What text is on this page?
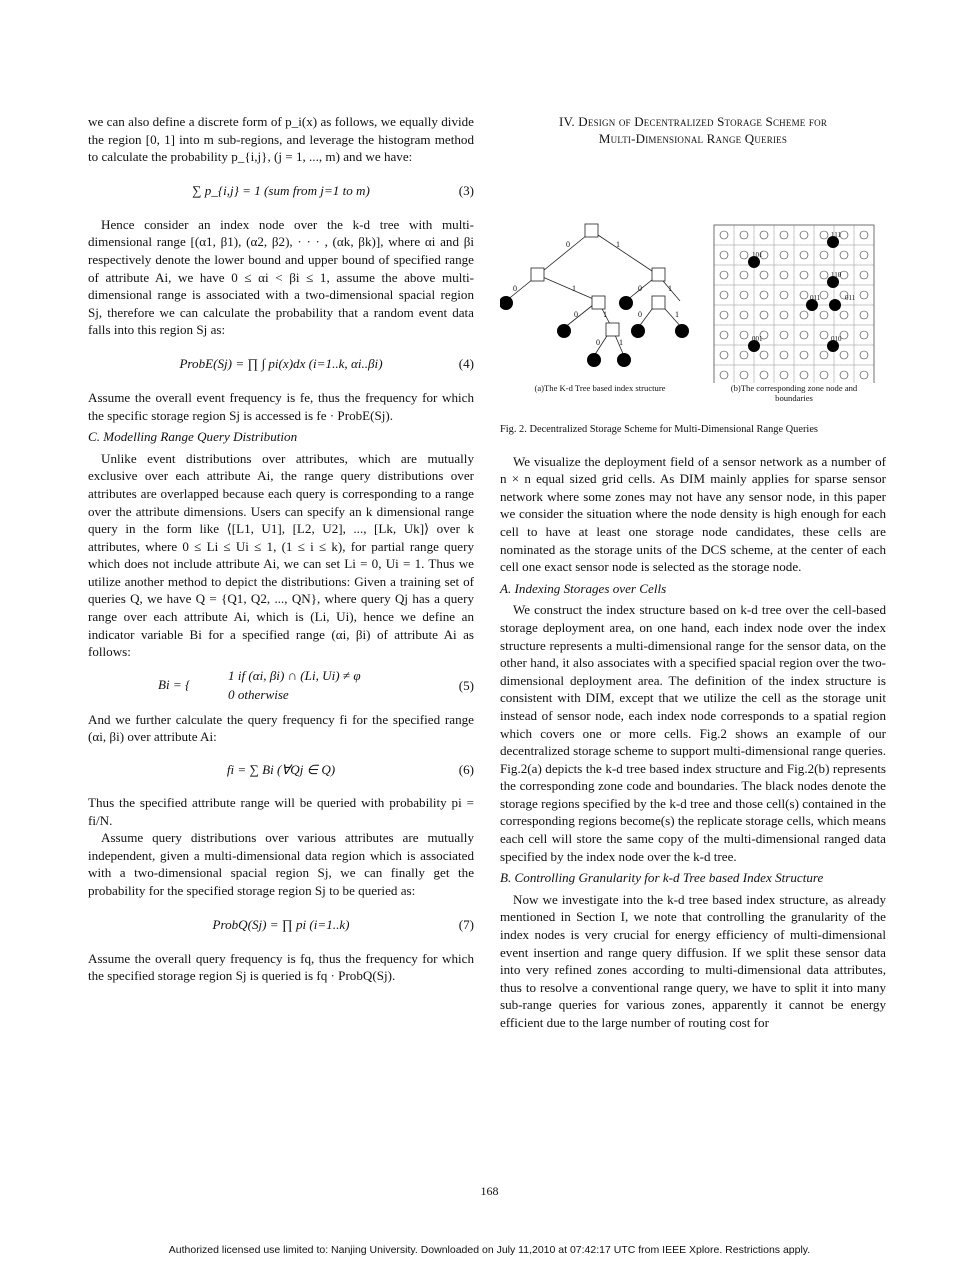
we can also define a discrete form of p_i(x) as follows, we equally divide the region [0, 1] into m sub-regions, and leverage the histogram method to calculate the probability p_{i,j}, (j = 1, ..., m) and we have:

∑ p_{i,j} = 1 (sum from j=1 to m)	(3)

Hence consider an index node over the k-d tree with multi-dimensional range [(α1, β1), (α2, β2), · · · , (αk, βk)], where αi and βi respectively denote the lower bound and upper bound of specified range of attribute Ai, we have 0 ≤ αi < βi ≤ 1, assume the above multi-dimensional range is associated with a two-dimensional spacial region Sj, therefore we can calculate the probability that a random event data falls into this region Sj as:

ProbE(Sj) = ∏ ∫ pi(x)dx (i=1..k, αi..βi)	(4)

Assume the overall event frequency is fe, thus the frequency for which the specific storage region Sj is accessed is fe · ProbE(Sj).

C. Modelling Range Query Distribution

Unlike event distributions over attributes, which are mutually exclusive over each attribute Ai, the range query distributions over attributes are overlapped because each query is corresponding to a range over the attribute dimensions. Users can specify an k dimensional range query in the form like ⟨[L1, U1], [L2, U2], ..., [Lk, Uk]⟩ over k attributes, where 0 ≤ Li ≤ Ui ≤ 1, (1 ≤ i ≤ k), for partial range query which does not include attribute Ai, we can set Li = 0, Ui = 1. Thus we utilize another method to depict the distributions: Given a training set of queries Q, we have Q = {Q1, Q2, ..., QN}, where query Qj has a query range over each attribute Ai, which is (Li, Ui), hence we define an indicator variable Bi for a specified range (αi, βi) of attribute Ai as follows:

Bi = {
1 if (αi, βi) ∩ (Li, Ui) ≠ φ
0 otherwise
(5)

And we further calculate the query frequency fi for the specified range (αi, βi) over attribute Ai:

fi = ∑ Bi (∀Qj ∈ Q)	(6)

Thus the specified attribute range will be queried with probability pi = fi/N.

Assume query distributions over various attributes are mutually independent, given a multi-dimensional data region which is associated with a two-dimensional spacial region Sj, we can finally get the probability for the specified storage region Sj to be queried as:

ProbQ(Sj) = ∏ pi (i=1..k)	(7)

Assume the overall query frequency is fq, thus the frequency for which the specified storage region Sj is queried is fq · ProbQ(Sj).

IV. Design of Decentralized Storage Scheme for
Multi-Dimensional Range Queries
0	1
0	1	0	1
0	1	0	1
0 1
111
101
110
011	011
001	010
(a)The K-d Tree based index structure	(b)The corresponding zone node and boundaries
Fig. 2. Decentralized Storage Scheme for Multi-Dimensional Range Queries

We visualize the deployment field of a sensor network as a number of n × n equal sized grid cells. As DIM mainly applies for sparse sensor network where some zones may not have any sensor node, in this paper we consider the situation where the node density is high enough for each cell to have at least one storage node candidates, these cells are nominated as the storage units of the DCS scheme, at the center of each cell one exact sensor node is selected as the storage node.

A. Indexing Storages over Cells

We construct the index structure based on k-d tree over the cell-based storage deployment area, on one hand, each index node over the index structure represents a multi-dimensional range for the sensor data, on the other hand, it also associates with a specified spacial region over the two-dimensional deployment area. The definition of the index structure is consistent with DIM, except that we utilize the cell as the storage unit instead of sensor node, each index node corresponds to a spatial region which covers one or more cells. Fig.2 shows an example of our decentralized storage scheme to support multi-dimensional range queries. Fig.2(a) depicts the k-d tree based index structure and Fig.2(b) represents the corresponding zone code and boundaries. The black nodes denote the storage regions specified by the k-d tree and those cell(s) contained in the corresponding regions become(s) the replicate storage cells, which means each cell will store the same copy of the multi-dimensional ranged data specified by the index node over the k-d tree.

B. Controlling Granularity for k-d Tree based Index Structure

Now we investigate into the k-d tree based index structure, as already mentioned in Section I, we note that controlling the granularity of the index nodes is very crucial for energy efficiency of multi-dimensional event insertion and range query diffusion. If we split these sensor data into very refined zones according to multi-dimensional data attributes, thus to resolve a conventional range query, we have to split it into many sub-range queries for various zones, apparently it cannot be energy efficient due to the large number of routing cost for

168
Authorized licensed use limited to: Nanjing University. Downloaded on July 11,2010 at 07:42:17 UTC from IEEE Xplore. Restrictions apply.
